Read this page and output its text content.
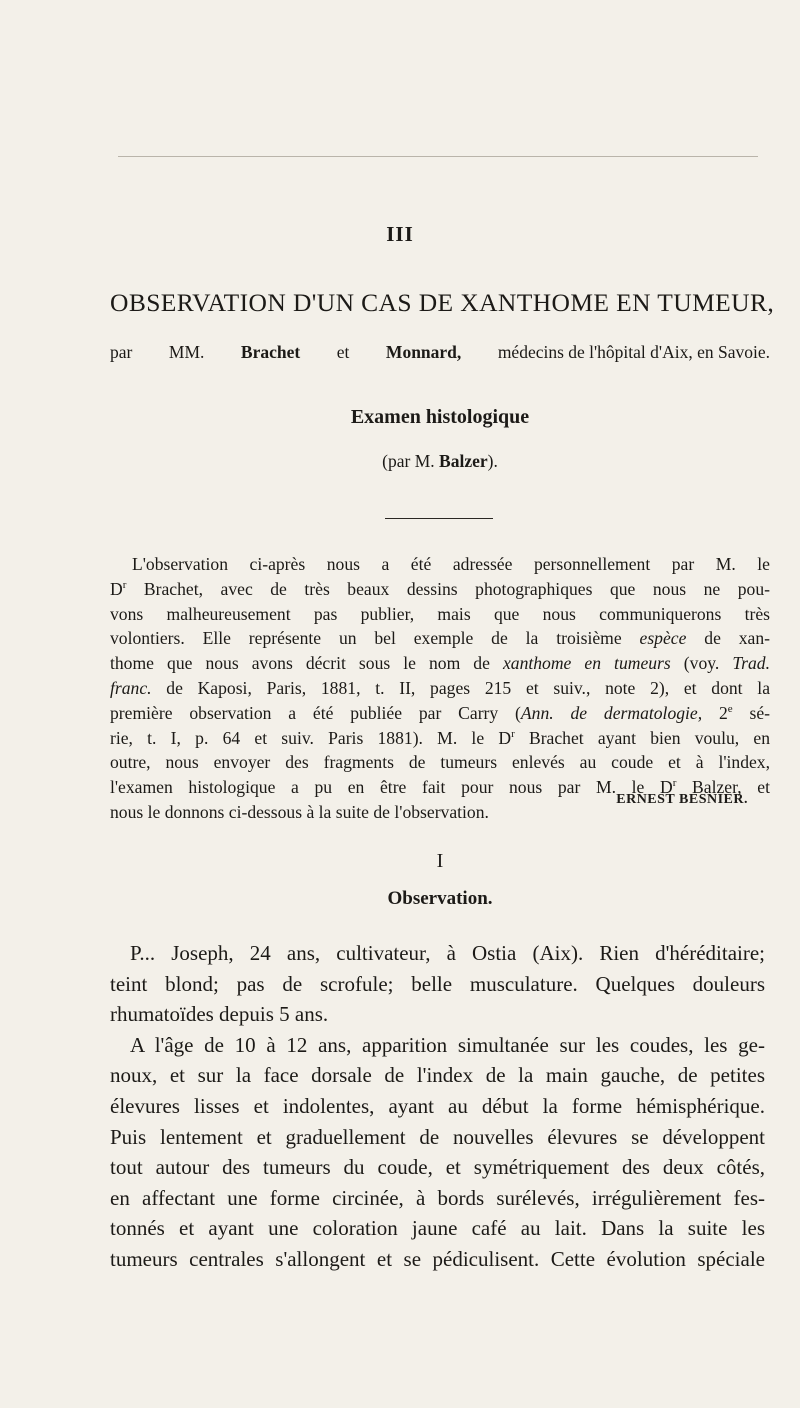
III
OBSERVATION D'UN CAS DE XANTHOME EN TUMEUR,
par MM. Brachet et Monnard, médecins de l'hôpital d'Aix, en Savoie.
Examen histologique
(par M. Balzer).
L'observation ci-après nous a été adressée personnellement par M. le
$D^r$ Brachet, avec de très beaux dessins photographiques que nous ne pou-
vons malheureusement pas publier, mais que nous communiquerons très
volontiers. Elle représente un bel exemple de la troisième espèce de xan-
thome que nous avons décrit sous le nom de xanthome en tumeurs (voy. Trad.
franc. de Kaposi, Paris, 1881, t. II, pages 215 et suiv., note 2), et dont la
première observation a été publiée par Carry (Ann. de dermatologie, 2e sé-
rie, t. I, p. 64 et suiv. Paris 1881). M. le $D^r$ Brachet ayant bien voulu, en
outre, nous envoyer des fragments de tumeurs enlevés au coude et à l'index,
l'examen histologique a pu en être fait pour nous par M. le $D^r$ Balzer, et
nous le donnons ci-dessous à la suite de l'observation.
ERNEST BESNIER.
I
Observation.
P... Joseph, 24 ans, cultivateur, à Ostia (Aix). Rien d'héréditaire;
teint blond; pas de scrofule; belle musculature. Quelques douleurs
rhumatoïdes depuis 5 ans.
A l'âge de 10 à 12 ans, apparition simultanée sur les coudes, les ge-
noux, et sur la face dorsale de l'index de la main gauche, de petites
élevures lisses et indolentes, ayant au début la forme hémisphérique.
Puis lentement et graduellement de nouvelles élevures se développent
tout autour des tumeurs du coude, et symétriquement des deux côtés,
en affectant une forme circinée, à bords surélevés, irrégulièrement fes-
tonnés et ayant une coloration jaune café au lait. Dans la suite les
tumeurs centrales s'allongent et se pédiculisent. Cette évolution spéciale
